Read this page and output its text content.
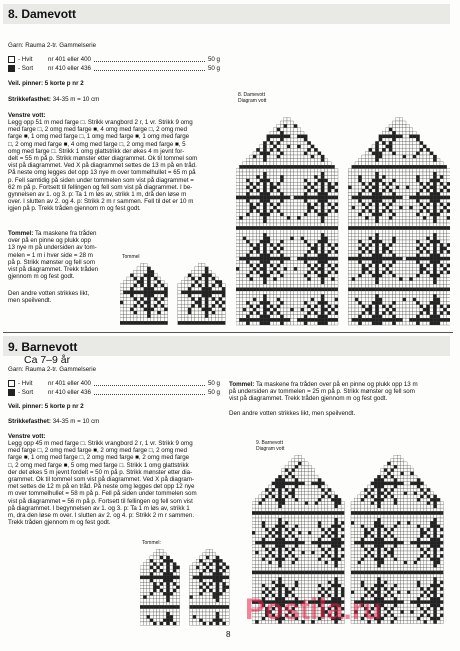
8. Damevott
Garn: Rauma 2-tr. Gammelserie
- Hvit	nr 401 eller 400	50 g
- Sort	nr 410 eller 436	50 g
Veil. pinner: 5 korte p nr 2
Strikkefasthet: 34-35 m = 10 cm
Venstre vott:
Legg opp 51 m med farge □. Strikk vrangbord 2 r, 1 vr. Strikk 9 omg
med farge □, 2 omg med farge ■, 4 omg med farge □, 2 omg med
farge ■, 1 omg med farge □, 1 omg med farge ■, 1 omg med farge
□, 2 omg med farge ■, 4 omg med farge □, 2 omg med farge ■, 5
omg med farge □. Strikk 1 omg glattstrikk der økes 4 m jevnt for-
delt = 55 m på p. Strikk mønster etter diagrammet. Ok til tommel som
vist på diagrammet. Ved X på diagrammet settes de 13 m på en tråd.
På neste omg legges det opp 13 nye m over tommelhullet = 65 m på
p. Fell samtidig på siden under tommelen som vist på diagrammet =
62 m på p. Fortsett til fellingen og fell som vist på diagrammet. I be-
gynnelsen av 1. og 3. p: Ta 1 m løs av, strikk 1 m, drå den løse m
over. I slutten av 2. og 4. p: Strikk 2 m r sammen. Fell til det er 10 m
igjen på p. Trekk tråden gjennom m og fest godt.
Tommel: Ta maskene fra tråden
over på en pinne og plukk opp
13 nye m på undersiden av tom-
melen = 1 m i hver side = 28 m
på p. Strikk mønster og fell som
vist på diagrammet. Trekk tråden
gjennom m og fest godt.
Den andre votten strikkes likt,
men speilvendt.
8. Damevott
Diagram vott
Tommel
9. Barnevott
Ca 7–9 år
Garn: Rauma 2-tr. Gammelserie
- Hvit	nr 401 eller 400	50 g
- Sort	nr 410 eller 436	50 g
Veil. pinner: 5 korte p nr 2
Strikkefasthet: 34-35 m = 10 cm
Venstre vott:
Legg opp 45 m med farge □. Strikk vrangbord 2 r, 1 vr. Strikk 9 omg
med farge □, 2 omg med farge ■, 2 omg med farge □, 2 omg med
farge ■, 1 omg med farge □, 2 omg med farge ■, 2 omg med farge
□, 2 omg med farge ■, 5 omg med farge □. Strikk 1 omg glattstrikk
der det økes 5 m jevnt fordelt = 50 m på p. Strikk mønster etter dia-
grammet. Ok til tommel som vist på diagrammet. Ved X på diagram-
met settes de 12 m på en tråd. På neste omg legges det opp 12 nye
m over tommelhullet = 58 m på p. Fell på siden under tommelen som
vist på diagrammet = 56 m på p. Fortsett til fellingen og fell som vist
på diagrammet. I begynnelsen av 1. og 3. p: Ta 1 m løs av, strikk 1
m, dra den løse m over. I slutten av 2. og 4. p: Strikk 2 m r sammen.
Trekk tråden gjennom m og fest godt.
Tommel: Ta maskene fra tråden over på en pinne og plukk opp 13 m
på undersiden av tommelen = 25 m på p. Strikk mønster og fell som
vist på diagrammet. Trekk tråden gjennom m og fest godt.
Den andre votten strikkes likt, men speilvendt.
9. Barnevott
Diagram vott
Tommel:
Postila.ru
8
